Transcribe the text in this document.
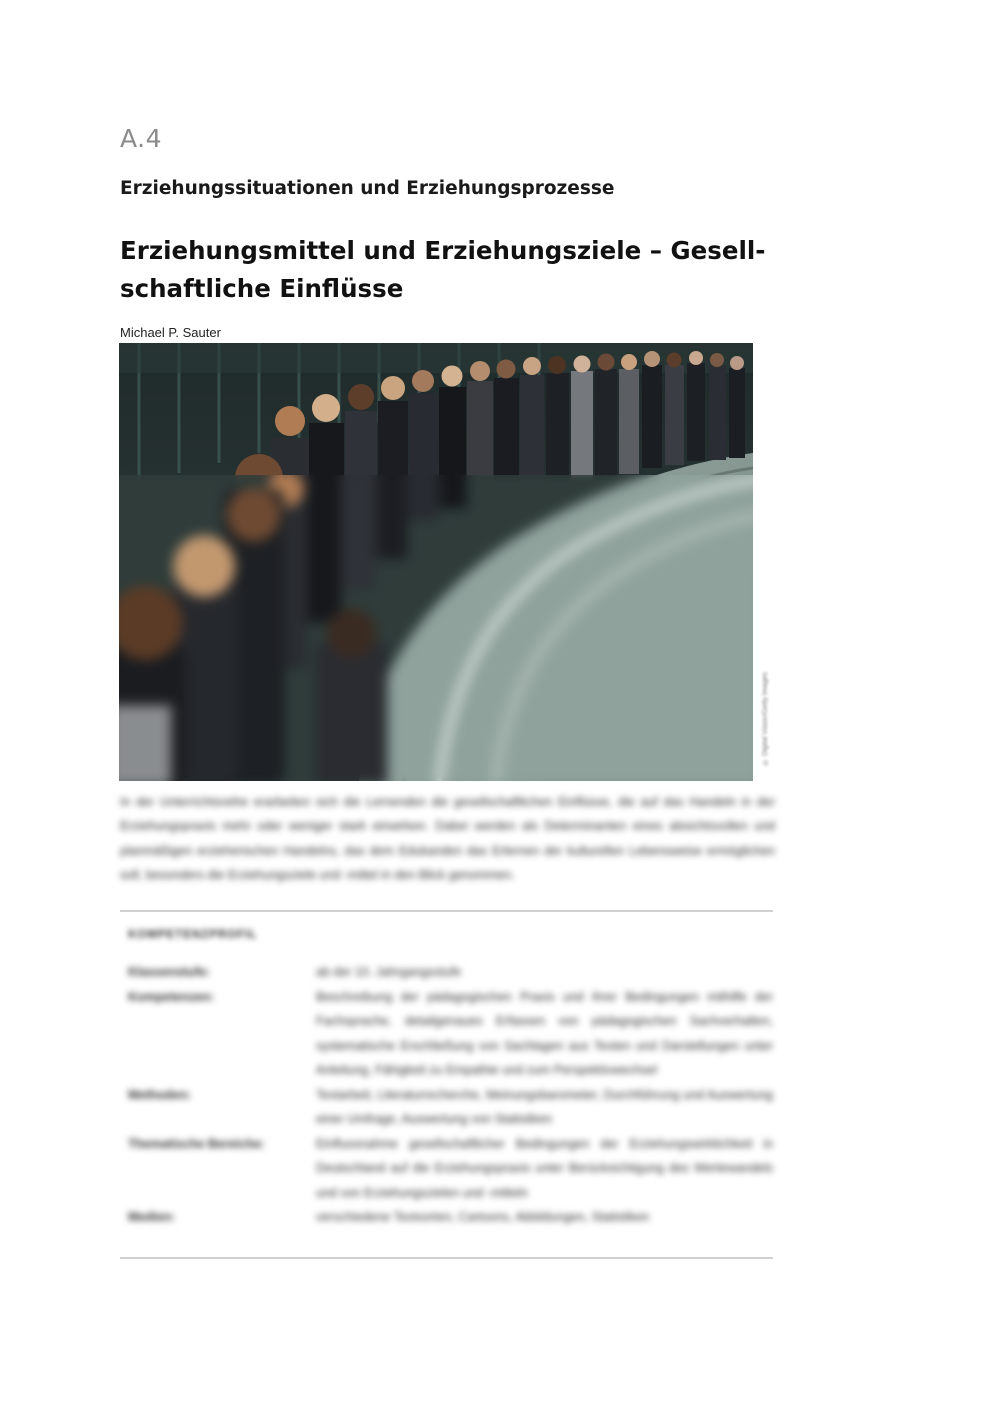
A.4
Erziehungssituationen und Erziehungsprozesse
Erziehungsmittel und Erziehungsziele – Gesell-
schaftliche Einflüsse
Michael P. Sauter
© Digital Vision/Getty Images

In der Unterrichtsreihe erarbeiten sich die Lernenden die gesellschaftlichen Einflüsse, die auf das Handeln in der Erziehungspraxis mehr oder weniger stark einwirken. Dabei werden als Determinanten eines absichtsvollen und planmäßigen erzieherischen Handelns, das dem Edukanden das Erlernen der kulturellen Lebensweise ermöglichen soll, besonders die Erziehungsziele und -mittel in den Blick genommen.

KOMPETENZPROFIL
Klassenstufe:	ab der 10. Jahrgangsstufe
Kompetenzen:	Beschreibung der pädagogischen Praxis und ihrer Bedingungen mithilfe der Fachsprache, detailgenaues Erfassen von pädagogischen Sachverhalten, systematische Erschließung von Sachlagen aus Texten und Darstellungen unter Anleitung, Fähigkeit zu Empathie und zum Perspektivwechsel
Methoden:	Textarbeit, Literaturrecherche, Meinungsbarometer, Durchführung und Auswertung einer Umfrage, Auswertung von Statistiken
Thematische Bereiche:	Einflussnahme gesellschaftlicher Bedingungen der Erziehungswirklichkeit in Deutschland auf die Erziehungspraxis unter Berücksichtigung des Wertewandels und von Erziehungszielen und -mitteln
Medien:	verschiedene Textsorten, Cartoons, Abbildungen, Statistiken
